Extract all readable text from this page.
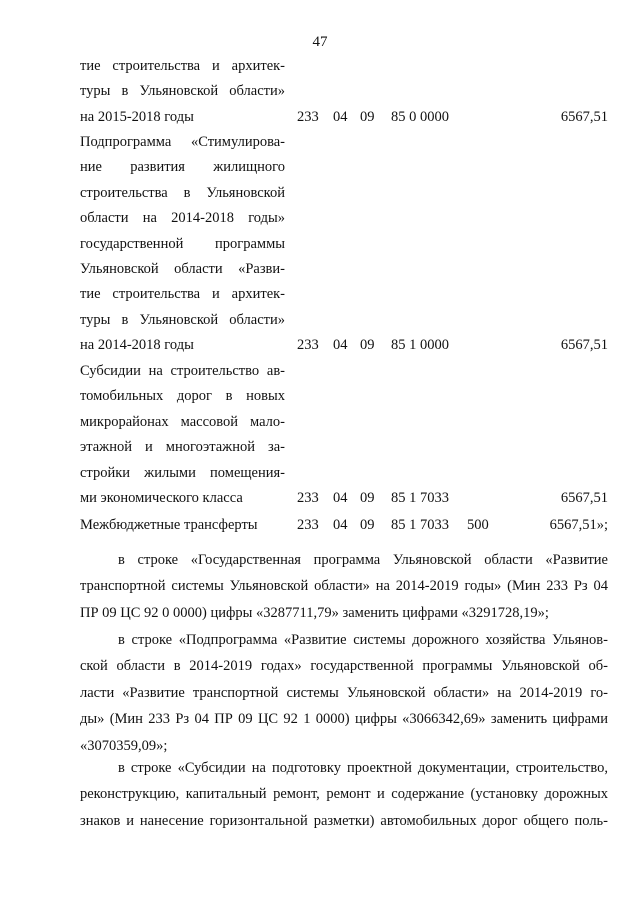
47
тие строительства и архитек-
туры в Ульяновской области»
на 2015-2018 годы	233 04 09 85 0 0000	6567,51
Подпрограмма «Стимулирова-
ние развития жилищного
строительства в Ульяновской
области на 2014-2018 годы»
государственной программы
Ульяновской области «Разви-
тие строительства и архитек-
туры в Ульяновской области»
на 2014-2018 годы	233 04 09 85 1 0000	6567,51
Субсидии на строительство ав-
томобильных дорог в новых
микрорайонах массовой мало-
этажной и многоэтажной за-
стройки жилыми помещения-
ми экономического класса	233 04 09 85 1 7033	6567,51
Межбюджетные трансферты	233 04 09 85 1 7033 500	6567,51»;
в строке «Государственная программа Ульяновской области «Развитие
транспортной системы Ульяновской области» на 2014-2019 годы» (Мин 233 Рз 04
ПР 09 ЦС 92 0 0000) цифры «3287711,79» заменить цифрами «3291728,19»;
в строке «Подпрограмма «Развитие системы дорожного хозяйства Ульянов-
ской области в 2014-2019 годах» государственной программы Ульяновской об-
ласти «Развитие транспортной системы Ульяновской области» на 2014-2019 го-
ды» (Мин 233 Рз 04 ПР 09 ЦС 92 1 0000) цифры «3066342,69» заменить цифрами
«3070359,09»;
в строке «Субсидии на подготовку проектной документации, строительство,
реконструкцию, капитальный ремонт, ремонт и содержание (установку дорожных
знаков и нанесение горизонтальной разметки) автомобильных дорог общего поль-
